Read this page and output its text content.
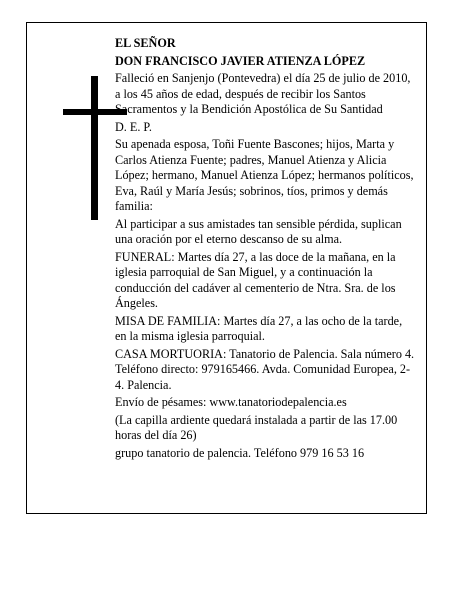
EL SEÑOR

DON FRANCISCO JAVIER ATIENZA LÓPEZ

Falleció en Sanjenjo (Pontevedra) el día 25 de julio de 2010, a los 45 años de edad, después de recibir los Santos Sacramentos y la Bendición Apostólica de Su Santidad

D. E. P.

Su apenada esposa, Toñi Fuente Bascones; hijos, Marta y Carlos Atienza Fuente; padres, Manuel Atienza y Alicia López; hermano, Manuel Atienza López; hermanos políticos, Eva, Raúl y María Jesús; sobrinos, tíos, primos y demás familia:

Al participar a sus amistades tan sensible pérdida, suplican una oración por el eterno descanso de su alma.

FUNERAL: Martes día 27, a las doce de la mañana, en la iglesia parroquial de San Miguel, y a continuación la conducción del cadáver al cementerio de Ntra. Sra. de los Ángeles.

MISA DE FAMILIA: Martes día 27, a las ocho de la tarde, en la misma iglesia parroquial.

CASA MORTUORIA: Tanatorio de Palencia. Sala número 4. Teléfono directo: 979165466. Avda. Comunidad Europea, 2-4. Palencia.

Envío de pésames: www.tanatoriodepalencia.es

(La capilla ardiente quedará instalada a partir de las 17.00 horas del día 26)

grupo tanatorio de palencia. Teléfono 979 16 53 16
